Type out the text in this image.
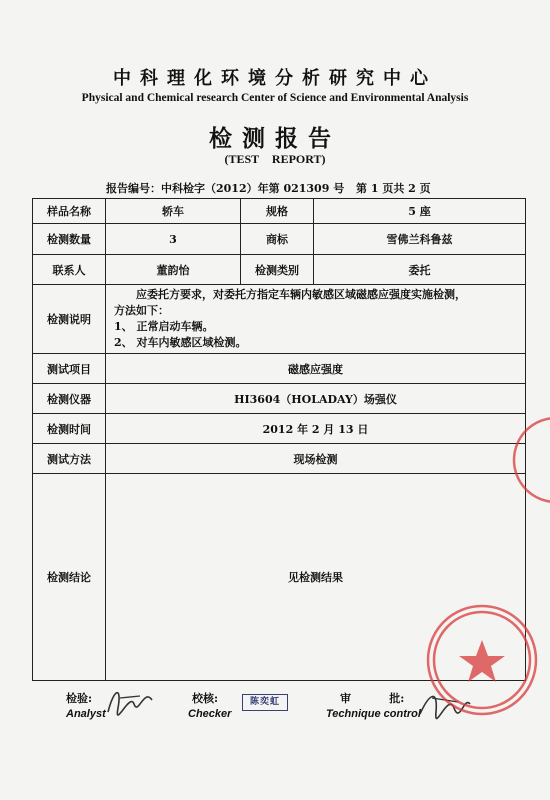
中科理化环境分析研究中心
Physical and Chemical research Center of Science and Environmental Analysis
检测报告
(TEST REPORT)
报告编号：中科检字（2012）年第 021309 号 第 1 页共 2 页
样品名称	轿车	规格	5 座
检测数量	3	商标	雪佛兰科鲁兹
联系人	董韵怡	检测类别	委托
检测说明	应委托方要求，对委托方指定车辆内敏感区域磁感应强度实施检测，
方法如下：
1、 正常启动车辆。
2、 对车内敏感区域检测。		

测试项目	磁感应强度		
检测仪器	HI3604（HOLADAY）场强仪		
检测时间	2012 年 2 月 13 日		
测试方法	现场检测		
检测结论	见检测结果		
检验:
Analyst
校核:
Checker
陈奕虹	审          批:
Technique control
